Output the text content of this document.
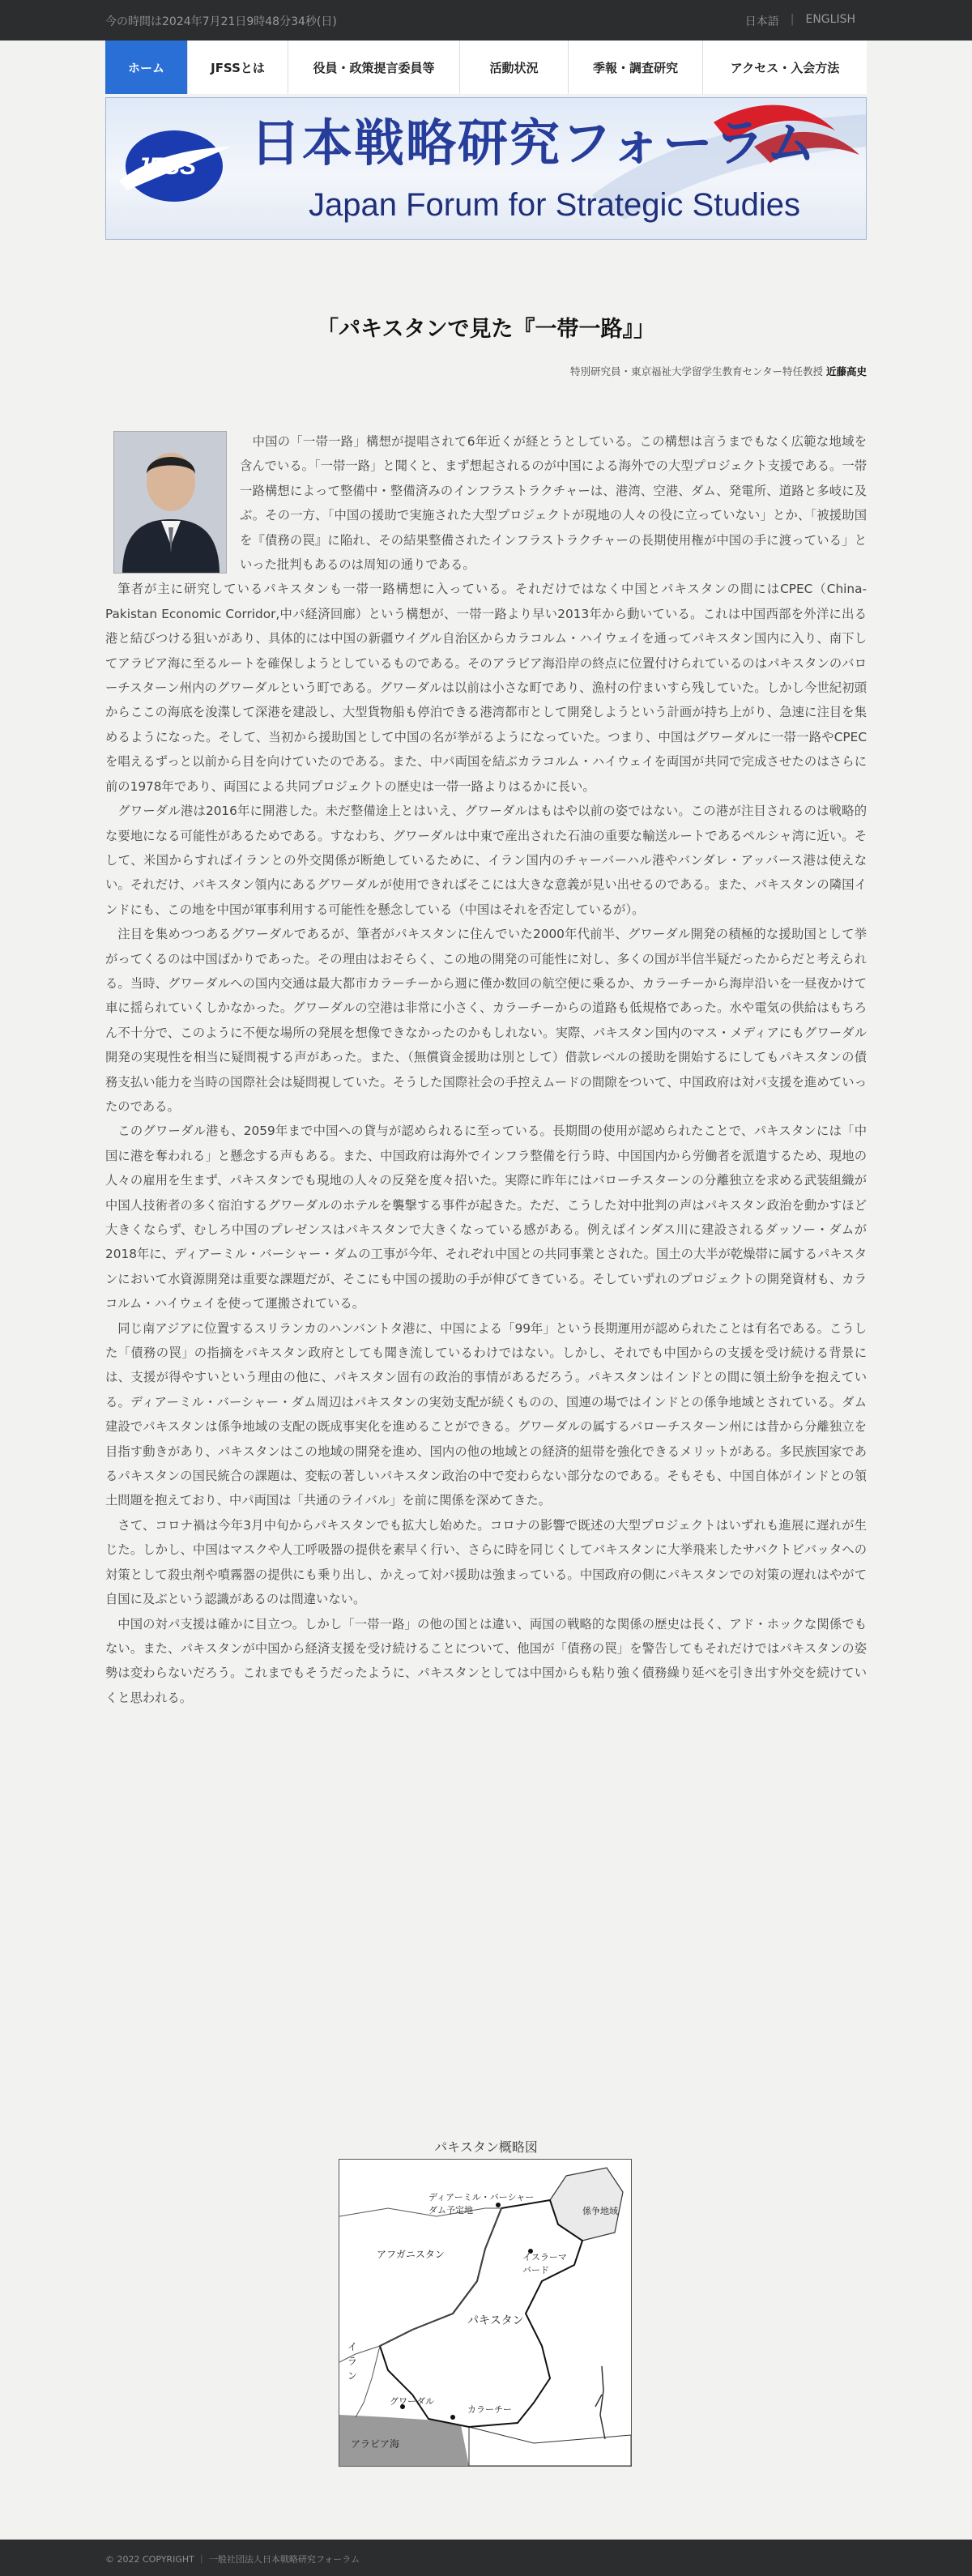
今の時間は2024年7月21日9時48分34秒(日)	日本語	|	ENGLISH
ホーム	JFSSとは	役員・政策提言委員等	活動状況	季報・調査研究	アクセス・入会方法
JFSS 日本戦略研究フォーラム
Japan Forum for Strategic Studies
「パキスタンで見た『一帯一路』」
特別研究員・東京福祉大学留学生教育センター特任教授 近藤高史

　中国の「一帯一路」構想が提唱されて6年近くが経とうとしている。この構想は言うまでもなく広範な地域を含んでいる。「一帯一路」と聞くと、まず想起されるのが中国による海外での大型プロジェクト支援である。一帯一路構想によって整備中・整備済みのインフラストラクチャーは、港湾、空港、ダム、発電所、道路と多岐に及ぶ。その一方、「中国の援助で実施された大型プロジェクトが現地の人々の役に立っていない」とか、「被援助国を『債務の罠』に陥れ、その結果整備されたインフラストラクチャーの長期使用権が中国の手に渡っている」といった批判もあるのは周知の通りである。

筆者が主に研究しているパキスタンも一帯一路構想に入っている。それだけではなく中国とパキスタンの間にはCPEC（China-Pakistan Economic Corridor,中パ経済回廊）という構想が、一帯一路より早い2013年から動いている。これは中国西部を外洋に出る港と結びつける狙いがあり、具体的には中国の新疆ウイグル自治区からカラコルム・ハイウェイを通ってパキスタン国内に入り、南下してアラビア海に至るルートを確保しようとしているものである。そのアラビア海沿岸の終点に位置付けられているのはパキスタンのバローチスターン州内のグワーダルという町である。グワーダルは以前は小さな町であり、漁村の佇まいすら残していた。しかし今世紀初頭からここの海底を浚渫して深港を建設し、大型貨物船も停泊できる港湾都市として開発しようという計画が持ち上がり、急速に注目を集めるようになった。そして、当初から援助国として中国の名が挙がるようになっていた。つまり、中国はグワーダルに一帯一路やCPECを唱えるずっと以前から目を向けていたのである。また、中パ両国を結ぶカラコルム・ハイウェイを両国が共同で完成させたのはさらに前の1978年であり、両国による共同プロジェクトの歴史は一帯一路よりはるかに長い。

グワーダル港は2016年に開港した。未だ整備途上とはいえ、グワーダルはもはや以前の姿ではない。この港が注目されるのは戦略的な要地になる可能性があるためである。すなわち、グワーダルは中東で産出された石油の重要な輸送ルートであるペルシャ湾に近い。そして、米国からすればイランとの外交関係が断絶しているために、イラン国内のチャーバーハル港やバンダレ・アッバース港は使えない。それだけ、パキスタン領内にあるグワーダルが使用できればそこには大きな意義が見い出せるのである。また、パキスタンの隣国インドにも、この地を中国が軍事利用する可能性を懸念している（中国はそれを否定しているが）。

注目を集めつつあるグワーダルであるが、筆者がパキスタンに住んでいた2000年代前半、グワーダル開発の積極的な援助国として挙がってくるのは中国ばかりであった。その理由はおそらく、この地の開発の可能性に対し、多くの国が半信半疑だったからだと考えられる。当時、グワーダルへの国内交通は最大都市カラーチーから週に僅か数回の航空便に乗るか、カラーチーから海岸沿いを一昼夜かけて車に揺られていくしかなかった。グワーダルの空港は非常に小さく、カラーチーからの道路も低規格であった。水や電気の供給はもちろん不十分で、このように不便な場所の発展を想像できなかったのかもしれない。実際、パキスタン国内のマス・メディアにもグワーダル開発の実現性を相当に疑問視する声があった。また、（無償資金援助は別として）借款レベルの援助を開始するにしてもパキスタンの債務支払い能力を当時の国際社会は疑問視していた。そうした国際社会の手控えムードの間隙をついて、中国政府は対パ支援を進めていったのである。

このグワーダル港も、2059年まで中国への貸与が認められるに至っている。長期間の使用が認められたことで、パキスタンには「中国に港を奪われる」と懸念する声もある。また、中国政府は海外でインフラ整備を行う時、中国国内から労働者を派遣するため、現地の人々の雇用を生まず、パキスタンでも現地の人々の反発を度々招いた。実際に昨年にはバローチスターンの分離独立を求める武装組織が中国人技術者の多く宿泊するグワーダルのホテルを襲撃する事件が起きた。ただ、こうした対中批判の声はパキスタン政治を動かすほど大きくならず、むしろ中国のプレゼンスはパキスタンで大きくなっている感がある。例えばインダス川に建設されるダッソー・ダムが2018年に、ディアーミル・バーシャー・ダムの工事が今年、それぞれ中国との共同事業とされた。国土の大半が乾燥帯に属するパキスタンにおいて水資源開発は重要な課題だが、そこにも中国の援助の手が伸びてきている。そしていずれのプロジェクトの開発資材も、カラコルム・ハイウェイを使って運搬されている。

同じ南アジアに位置するスリランカのハンバントタ港に、中国による「99年」という長期運用が認められたことは有名である。こうした「債務の罠」の指摘をパキスタン政府としても聞き流しているわけではない。しかし、それでも中国からの支援を受け続ける背景には、支援が得やすいという理由の他に、パキスタン固有の政治的事情があるだろう。パキスタンはインドとの間に領土紛争を抱えている。ディアーミル・バーシャー・ダム周辺はパキスタンの実効支配が続くものの、国連の場ではインドとの係争地域とされている。ダム建設でパキスタンは係争地域の支配の既成事実化を進めることができる。グワーダルの属するバローチスターン州には昔から分離独立を目指す動きがあり、パキスタンはこの地域の開発を進め、国内の他の地域との経済的紐帯を強化できるメリットがある。多民族国家であるパキスタンの国民統合の課題は、変転の著しいパキスタン政治の中で変わらない部分なのである。そもそも、中国自体がインドとの領土問題を抱えており、中パ両国は「共通のライバル」を前に関係を深めてきた。

さて、コロナ禍は今年3月中旬からパキスタンでも拡大し始めた。コロナの影響で既述の大型プロジェクトはいずれも進展に遅れが生じた。しかし、中国はマスクや人工呼吸器の提供を素早く行い、さらに時を同じくしてパキスタンに大挙飛来したサバクトビバッタへの対策として殺虫剤や噴霧器の提供にも乗り出し、かえって対パ援助は強まっている。中国政府の側にパキスタンでの対策の遅れはやがて自国に及ぶという認識があるのは間違いない。

中国の対パ支援は確かに目立つ。しかし「一帯一路」の他の国とは違い、両国の戦略的な関係の歴史は長く、アド・ホックな関係でもない。また、パキスタンが中国から経済支援を受け続けることについて、他国が「債務の罠」を警告してもそれだけではパキスタンの姿勢は変わらないだろう。これまでもそうだったように、パキスタンとしては中国からも粘り強く債務繰り延べを引き出す外交を続けていくと思われる。

パキスタン概略図
ディアーミル・バーシャー
ダム予定地	係争地域
アフガニスタン	イスラーマ
バード
パキスタン
イ
ラ
ン
グワーダル
カラーチー
アラビア海
© 2022 COPYRIGHT ｜ 一般社団法人日本戦略研究フォーラム
